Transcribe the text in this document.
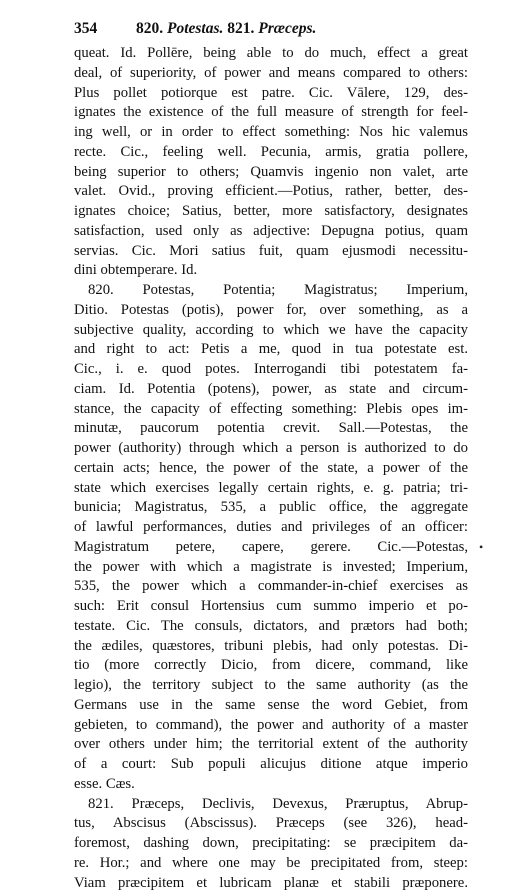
354	820. Potestas. 821. Præceps.
queat. Id. Pollēre, being able to do much, effect a great
deal, of superiority, of power and means compared to others:
Plus pollet potiorque est patre. Cic. Vālere, 129, des-
ignates the existence of the full measure of strength for feel-
ing well, or in order to effect something: Nos hic valemus
recte. Cic., feeling well. Pecunia, armis, gratia pollere,
being superior to others; Quamvis ingenio non valet, arte
valet. Ovid., proving efficient.—Potius, rather, better, des-
ignates choice; Satius, better, more satisfactory, designates
satisfaction, used only as adjective: Depugna potius, quam
servias. Cic. Mori satius fuit, quam ejusmodi necessitu-
dini obtemperare. Id.
820. Potestas, Potentia; Magistratus; Imperium,
Ditio. Potestas (potis), power for, over something, as a
subjective quality, according to which we have the capacity
and right to act: Petis a me, quod in tua potestate est.
Cic., i. e. quod potes. Interrogandi tibi potestatem fa-
ciam. Id. Potentia (potens), power, as state and circum-
stance, the capacity of effecting something: Plebis opes im-
minutæ, paucorum potentia crevit. Sall.—Potestas, the
power (authority) through which a person is authorized to do
certain acts; hence, the power of the state, a power of the
state which exercises legally certain rights, e. g. patria; tri-
bunicia; Magistratus, 535, a public office, the aggregate
of lawful performances, duties and privileges of an officer:
Magistratum petere, capere, gerere. Cic.—Potestas,
the power with which a magistrate is invested; Imperium,
535, the power which a commander-in-chief exercises as
such: Erit consul Hortensius cum summo imperio et po-
testate. Cic. The consuls, dictators, and prætors had both;
the ædiles, quæstores, tribuni plebis, had only potestas. Di-
tio (more correctly Dicio, from dicere, command, like
legio), the territory subject to the same authority (as the
Germans use in the same sense the word Gebiet, from
gebieten, to command), the power and authority of a master
over others under him; the territorial extent of the authority
of a court: Sub populi alicujus ditione atque imperio
esse. Cæs.
821. Præceps, Declivis, Devexus, Præruptus, Abrup-
tus, Abscisus (Abscissus). Præceps (see 326), head-
foremost, dashing down, precipitating: se præcipitem da-
re. Hor.; and where one may be precipitated from, steep:
Viam præcipitem et lubricam planæ et stabili præponere.
•
